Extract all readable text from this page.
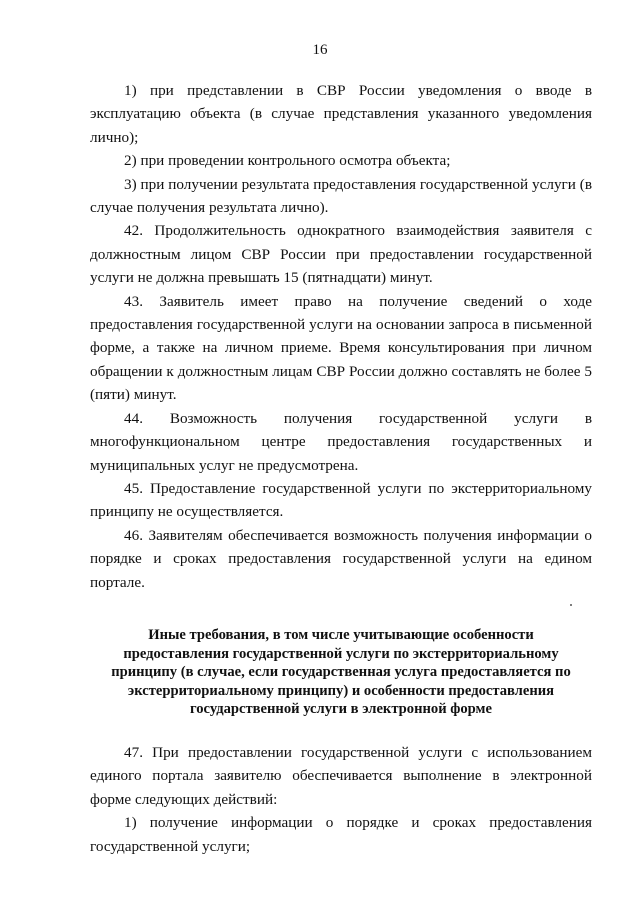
16

1) при представлении в СВР России уведомления о вводе в эксплуатацию объекта (в случае представления указанного уведомления лично);

2) при проведении контрольного осмотра объекта;

3) при получении результата предоставления государственной услуги (в случае получения результата лично).

42. Продолжительность однократного взаимодействия заявителя с должностным лицом СВР России при предоставлении государственной услуги не должна превышать 15 (пятнадцати) минут.

43. Заявитель имеет право на получение сведений о ходе предоставления государственной услуги на основании запроса в письменной форме, а также на личном приеме. Время консультирования при личном обращении к должностным лицам СВР России должно составлять не более 5 (пяти) минут.

44. Возможность получения государственной услуги в многофункциональном центре предоставления государственных и муниципальных услуг не предусмотрена.

45. Предоставление государственной услуги по экстерриториальному принципу не осуществляется.

46. Заявителям обеспечивается возможность получения информации о порядке и сроках предоставления государственной услуги на едином портале.

Иные требования, в том числе учитывающие особенности предоставления государственной услуги по экстерриториальному принципу (в случае, если государственная услуга предоставляется по экстерриториальному принципу) и особенности предоставления государственной услуги в электронной форме

47. При предоставлении государственной услуги с использованием единого портала заявителю обеспечивается выполнение в электронной форме следующих действий:

1) получение информации о порядке и сроках предоставления государственной услуги;
